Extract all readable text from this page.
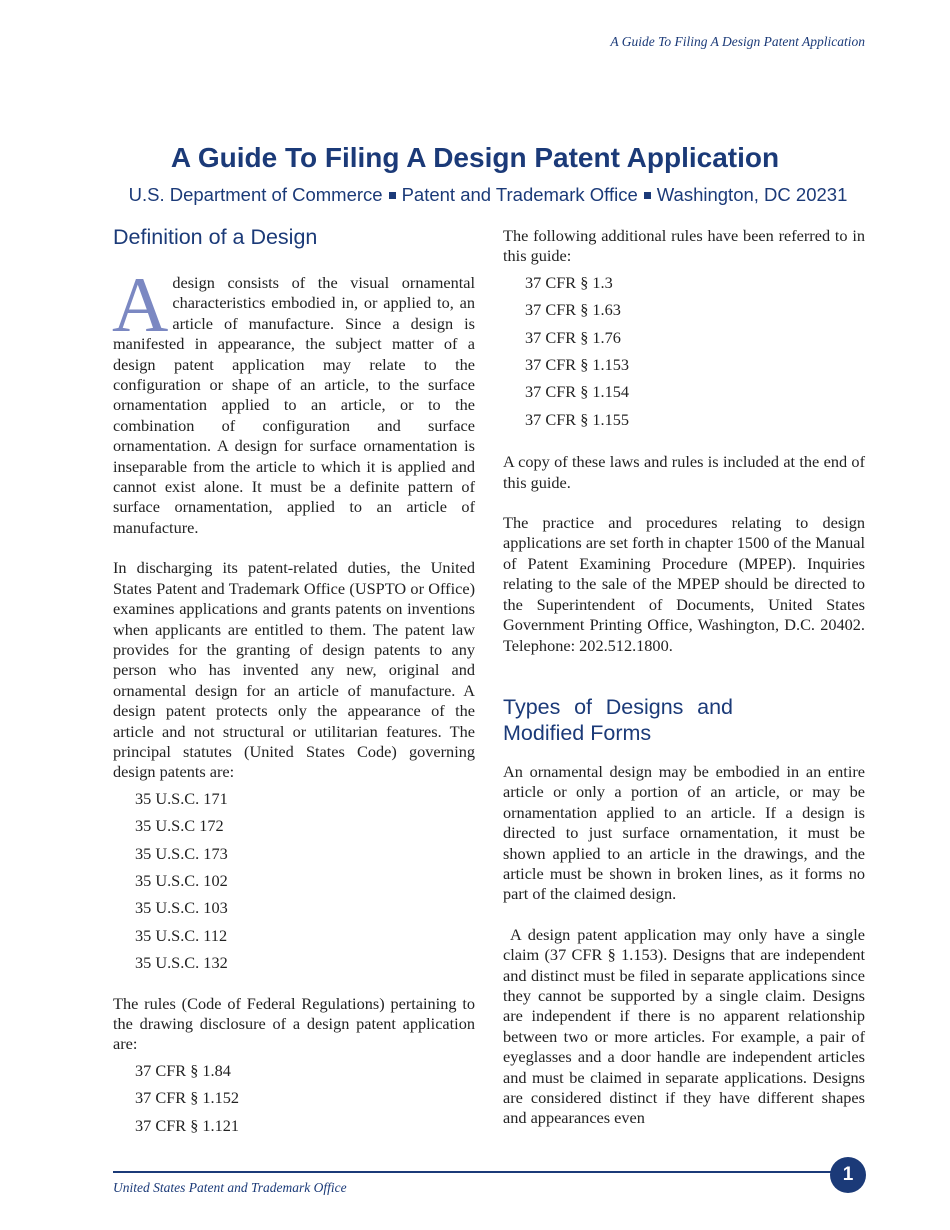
A Guide To Filing A Design Patent Application
A Guide To Filing A Design Patent Application
U.S. Department of Commerce Patent and Trademark Office Washington, DC 20231
Definition of a Design

A design consists of the visual ornamental characteristics embodied in, or applied to, an article of manufacture. Since a design is manifested in appearance, the subject matter of a design patent application may relate to the configuration or shape of an article, to the surface ornamentation applied to an article, or to the combination of configuration and surface ornamentation. A design for surface ornamentation is inseparable from the article to which it is applied and cannot exist alone. It must be a definite pattern of surface ornamentation, applied to an article of manufacture.

In discharging its patent-related duties, the United States Patent and Trademark Office (USPTO or Office) examines applications and grants patents on inventions when applicants are entitled to them. The patent law provides for the granting of design patents to any person who has invented any new, original and ornamental design for an article of manufacture. A design patent protects only the appearance of the article and not structural or utilitarian features. The principal statutes (United States Code) governing design patents are:

35 U.S.C. 171
35 U.S.C 172
35 U.S.C. 173
35 U.S.C. 102
35 U.S.C. 103
35 U.S.C. 112
35 U.S.C. 132

The rules (Code of Federal Regulations) pertaining to the drawing disclosure of a design patent application are:

37 CFR § 1.84
37 CFR § 1.152
37 CFR § 1.121

The following additional rules have been referred to in this guide:

37 CFR § 1.3
37 CFR § 1.63
37 CFR § 1.76
37 CFR § 1.153
37 CFR § 1.154
37 CFR § 1.155

A copy of these laws and rules is included at the end of this guide.

The practice and procedures relating to design applications are set forth in chapter 1500 of the Manual of Patent Examining Procedure (MPEP). Inquiries relating to the sale of the MPEP should be directed to the Superintendent of Documents, United States Government Printing Office, Washington, D.C. 20402. Telephone: 202.512.1800.

Types of Designs and Modified Forms

An ornamental design may be embodied in an entire article or only a portion of an article, or may be ornamentation applied to an article. If a design is directed to just surface ornamentation, it must be shown applied to an article in the drawings, and the article must be shown in broken lines, as it forms no part of the claimed design.

A design patent application may only have a single claim (37 CFR § 1.153). Designs that are independent and distinct must be filed in separate applications since they cannot be supported by a single claim. Designs are independent if there is no apparent relationship between two or more articles. For example, a pair of eyeglasses and a door handle are independent articles and must be claimed in separate applications. Designs are considered distinct if they have different shapes and appearances even

1
United States Patent and Trademark Office
